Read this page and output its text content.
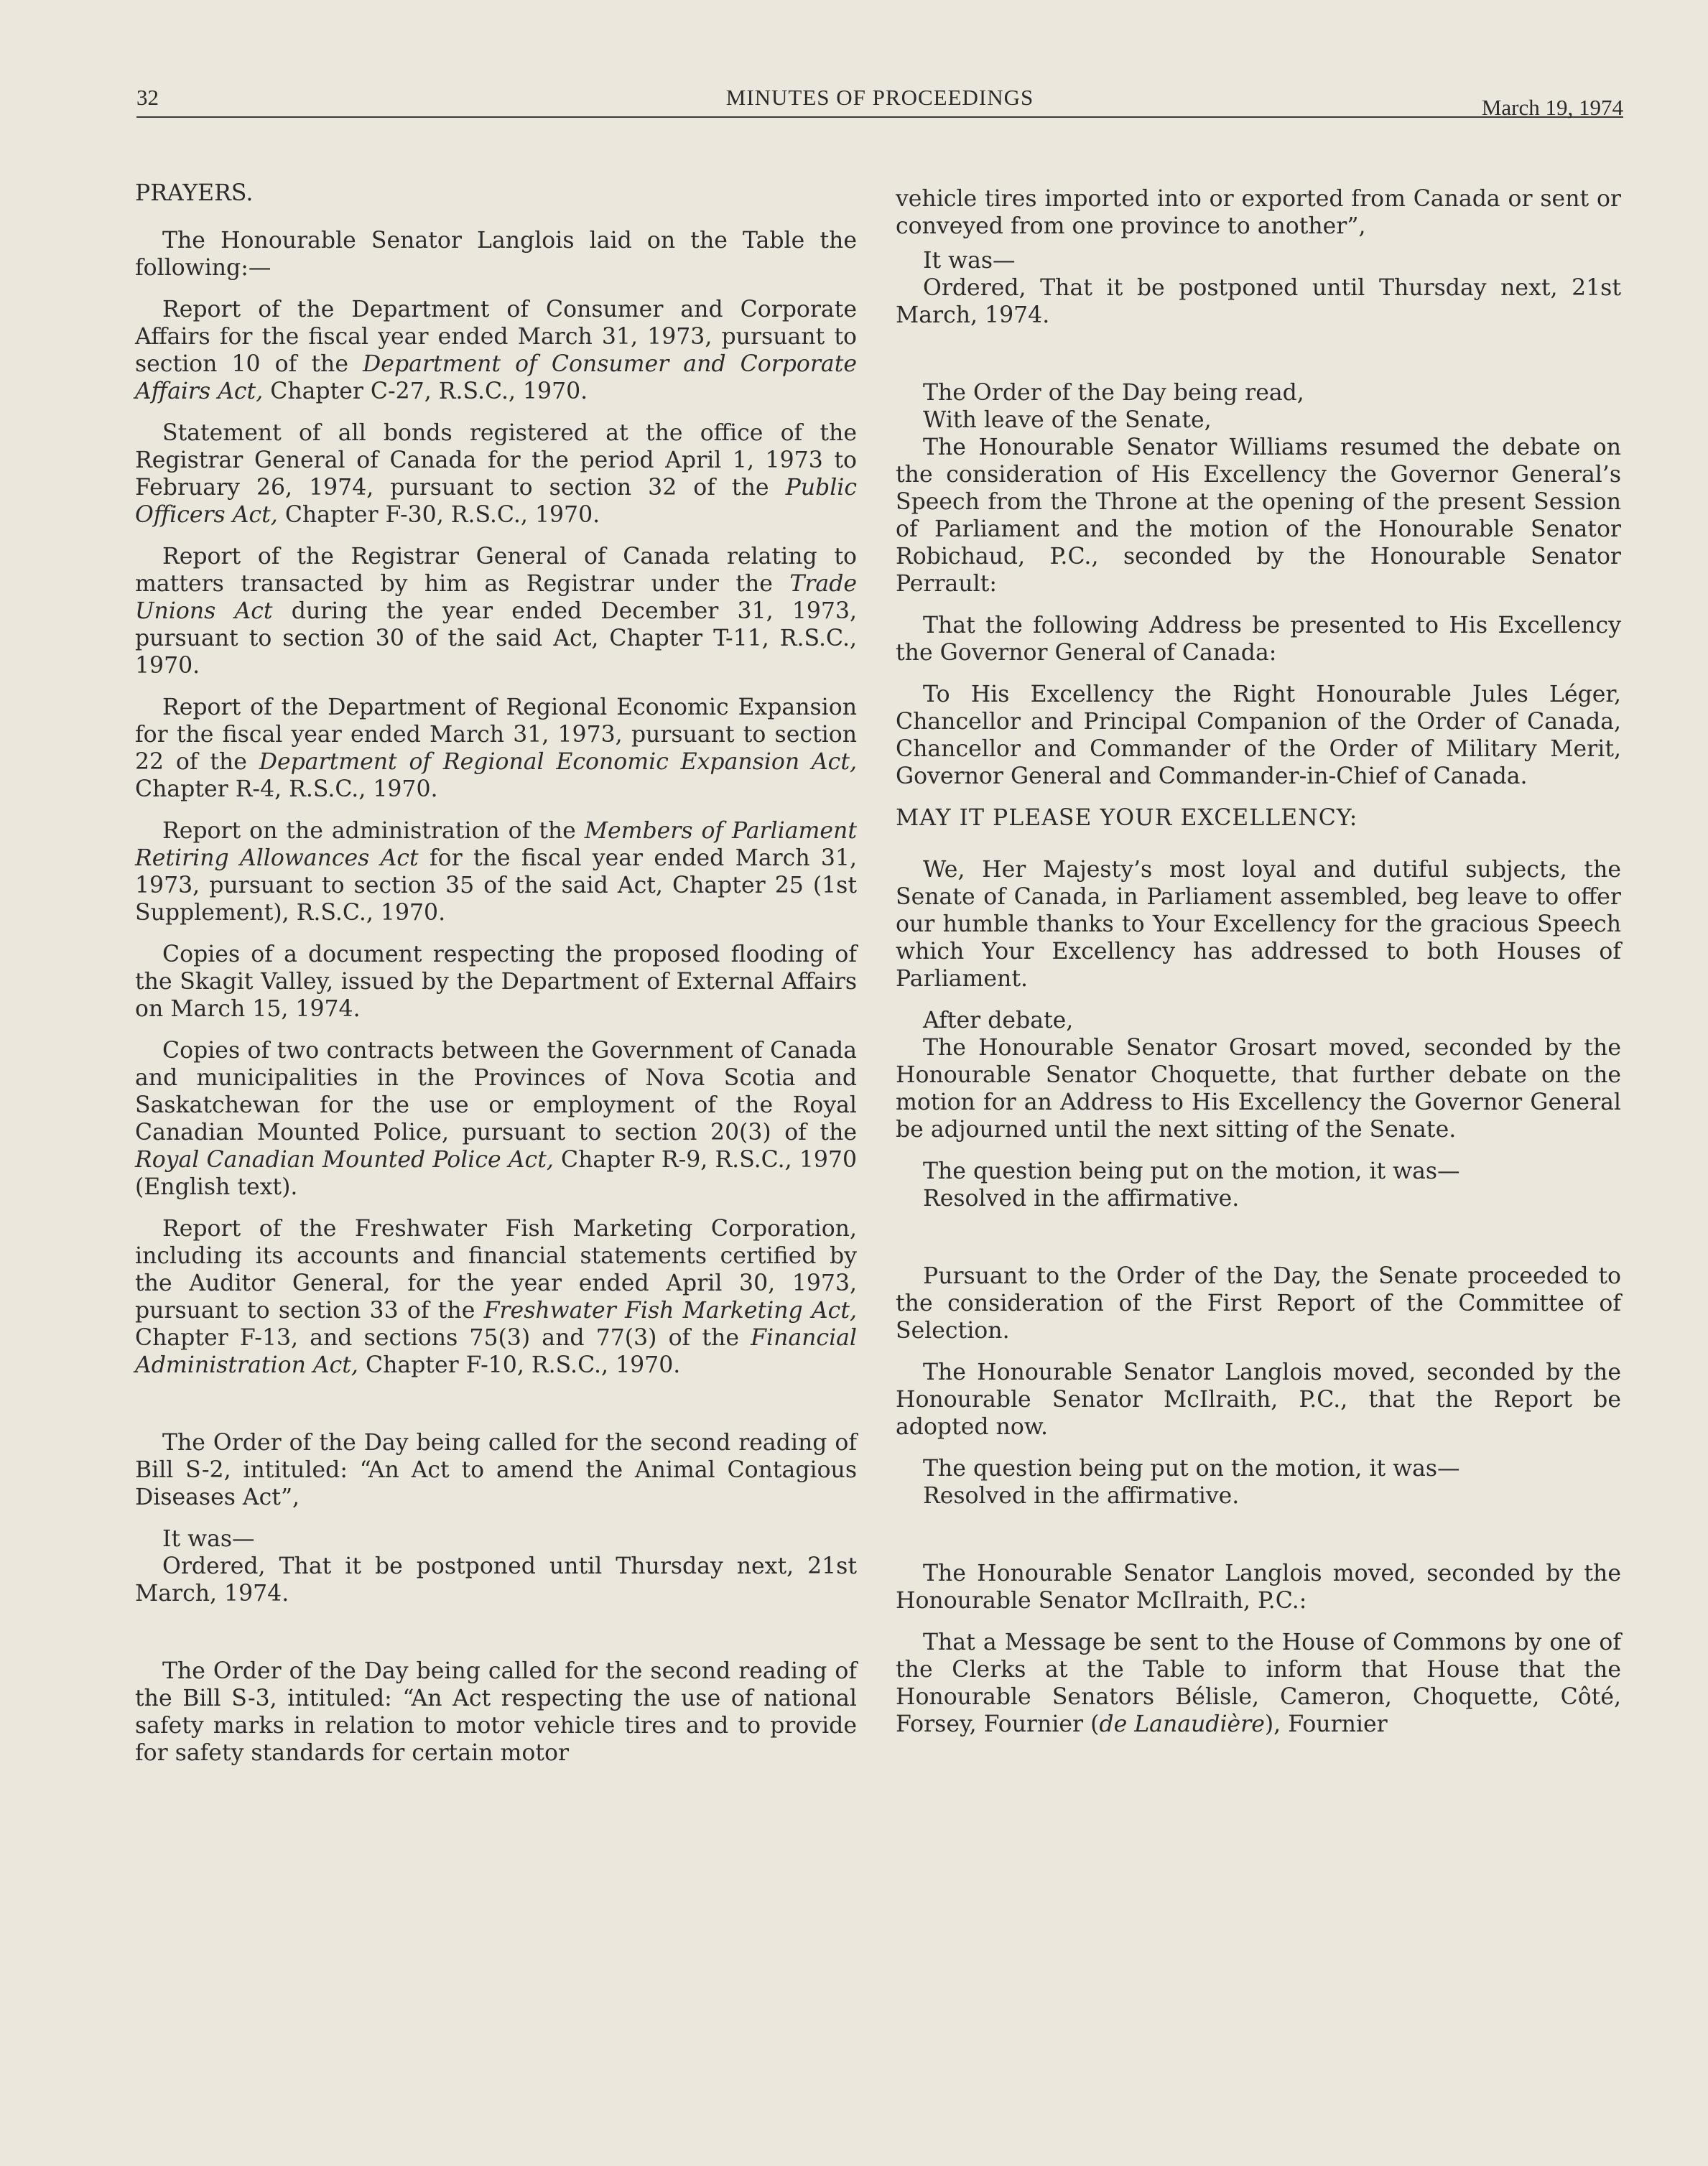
32	MINUTES OF PROCEEDINGS	March 19, 1974

PRAYERS.

The Honourable Senator Langlois laid on the Table the following:—

Report of the Department of Consumer and Corporate Affairs for the fiscal year ended March 31, 1973, pursuant to section 10 of the Department of Consumer and Corporate Affairs Act, Chapter C-27, R.S.C., 1970.

Statement of all bonds registered at the office of the Registrar General of Canada for the period April 1, 1973 to February 26, 1974, pursuant to section 32 of the Public Officers Act, Chapter F-30, R.S.C., 1970.

Report of the Registrar General of Canada relating to matters transacted by him as Registrar under the Trade Unions Act during the year ended December 31, 1973, pursuant to section 30 of the said Act, Chapter T-11, R.S.C., 1970.

Report of the Department of Regional Economic Expansion for the fiscal year ended March 31, 1973, pursuant to section 22 of the Department of Regional Economic Expansion Act, Chapter R-4, R.S.C., 1970.

Report on the administration of the Members of Parliament Retiring Allowances Act for the fiscal year ended March 31, 1973, pursuant to section 35 of the said Act, Chapter 25 (1st Supplement), R.S.C., 1970.

Copies of a document respecting the proposed flooding of the Skagit Valley, issued by the Department of External Affairs on March 15, 1974.

Copies of two contracts between the Government of Canada and municipalities in the Provinces of Nova Scotia and Saskatchewan for the use or employment of the Royal Canadian Mounted Police, pursuant to section 20(3) of the Royal Canadian Mounted Police Act, Chapter R-9, R.S.C., 1970 (English text).

Report of the Freshwater Fish Marketing Corporation, including its accounts and financial statements certified by the Auditor General, for the year ended April 30, 1973, pursuant to section 33 of the Freshwater Fish Marketing Act, Chapter F-13, and sections 75(3) and 77(3) of the Financial Administration Act, Chapter F-10, R.S.C., 1970.

The Order of the Day being called for the second reading of Bill S-2, intituled: “An Act to amend the Animal Contagious Diseases Act”,

It was—

Ordered, That it be postponed until Thursday next, 21st March, 1974.

The Order of the Day being called for the second reading of the Bill S-3, intituled: “An Act respecting the use of national safety marks in relation to motor vehicle tires and to provide for safety standards for certain motor

vehicle tires imported into or exported from Canada or sent or conveyed from one province to another”,

It was—

Ordered, That it be postponed until Thursday next, 21st March, 1974.

The Order of the Day being read,

With leave of the Senate,

The Honourable Senator Williams resumed the debate on the consideration of His Excellency the Governor General’s Speech from the Throne at the opening of the present Session of Parliament and the motion of the Honourable Senator Robichaud, P.C., seconded by the Honourable Senator Perrault:

That the following Address be presented to His Excellency the Governor General of Canada:

To His Excellency the Right Honourable Jules Léger, Chancellor and Principal Companion of the Order of Canada, Chancellor and Commander of the Order of Military Merit, Governor General and Commander-in-Chief of Canada.

MAY IT PLEASE YOUR EXCELLENCY:

We, Her Majesty’s most loyal and dutiful subjects, the Senate of Canada, in Parliament assembled, beg leave to offer our humble thanks to Your Excellency for the gracious Speech which Your Excellency has addressed to both Houses of Parliament.

After debate,

The Honourable Senator Grosart moved, seconded by the Honourable Senator Choquette, that further debate on the motion for an Address to His Excellency the Governor General be adjourned until the next sitting of the Senate.

The question being put on the motion, it was—

Resolved in the affirmative.

Pursuant to the Order of the Day, the Senate proceeded to the consideration of the First Report of the Committee of Selection.

The Honourable Senator Langlois moved, seconded by the Honourable Senator McIlraith, P.C., that the Report be adopted now.

The question being put on the motion, it was—

Resolved in the affirmative.

The Honourable Senator Langlois moved, seconded by the Honourable Senator McIlraith, P.C.:

That a Message be sent to the House of Commons by one of the Clerks at the Table to inform that House that the Honourable Senators Bélisle, Cameron, Choquette, Côté, Forsey, Fournier (de Lanaudière), Fournier
